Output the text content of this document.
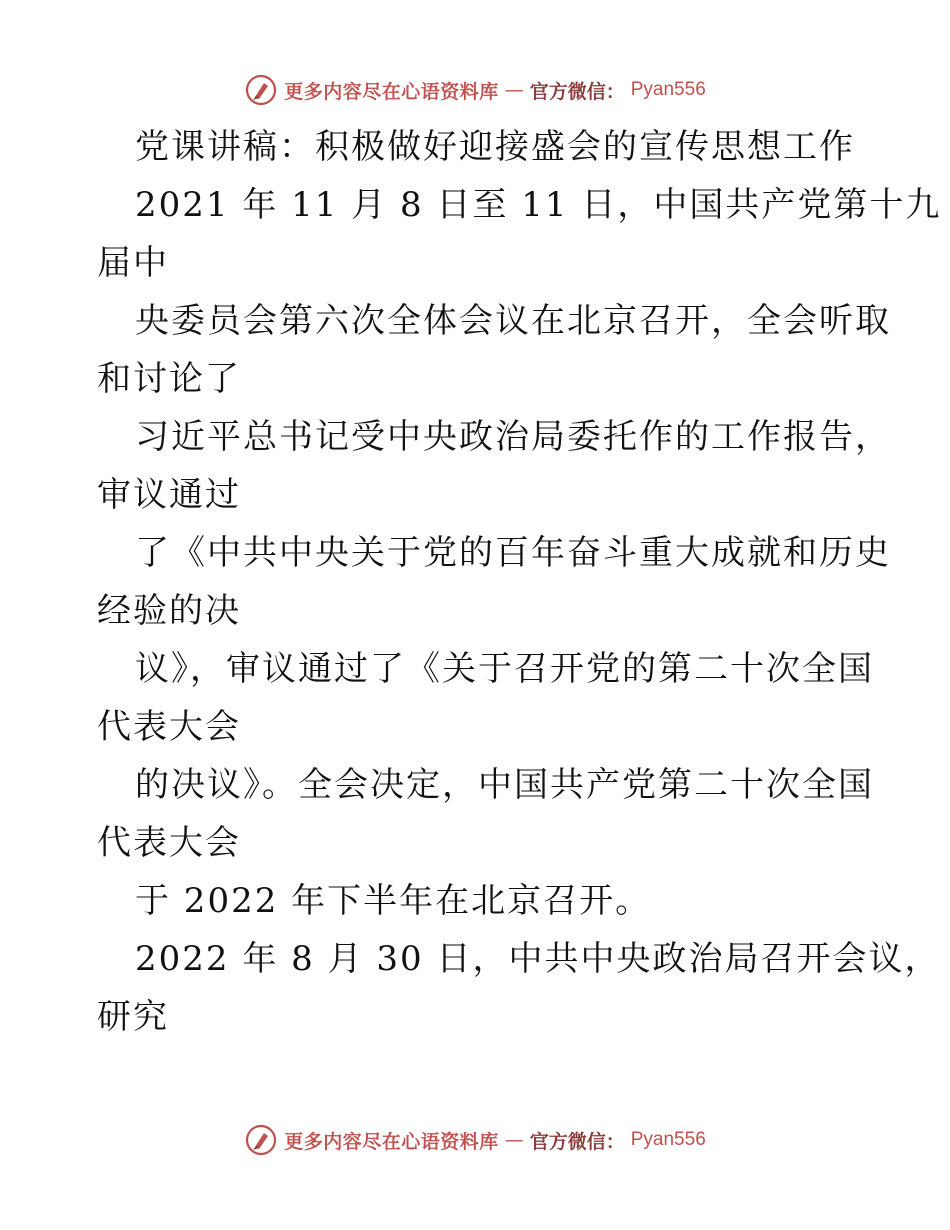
更多内容尽在心语资料库 — 官方微信： Pyan556
党课讲稿：积极做好迎接盛会的宣传思想工作
2021 年 11 月 8 日至 11 日，中国共产党第十九
届中
央委员会第六次全体会议在北京召开，全会听取
和讨论了
习近平总书记受中央政治局委托作的工作报告，
审议通过
了《中共中央关于党的百年奋斗重大成就和历史
经验的决
议》，审议通过了《关于召开党的第二十次全国
代表大会
的决议》。全会决定，中国共产党第二十次全国
代表大会
于 2022 年下半年在北京召开。
2022 年 8 月 30 日，中共中央政治局召开会议，
研究
更多内容尽在心语资料库 — 官方微信： Pyan556
